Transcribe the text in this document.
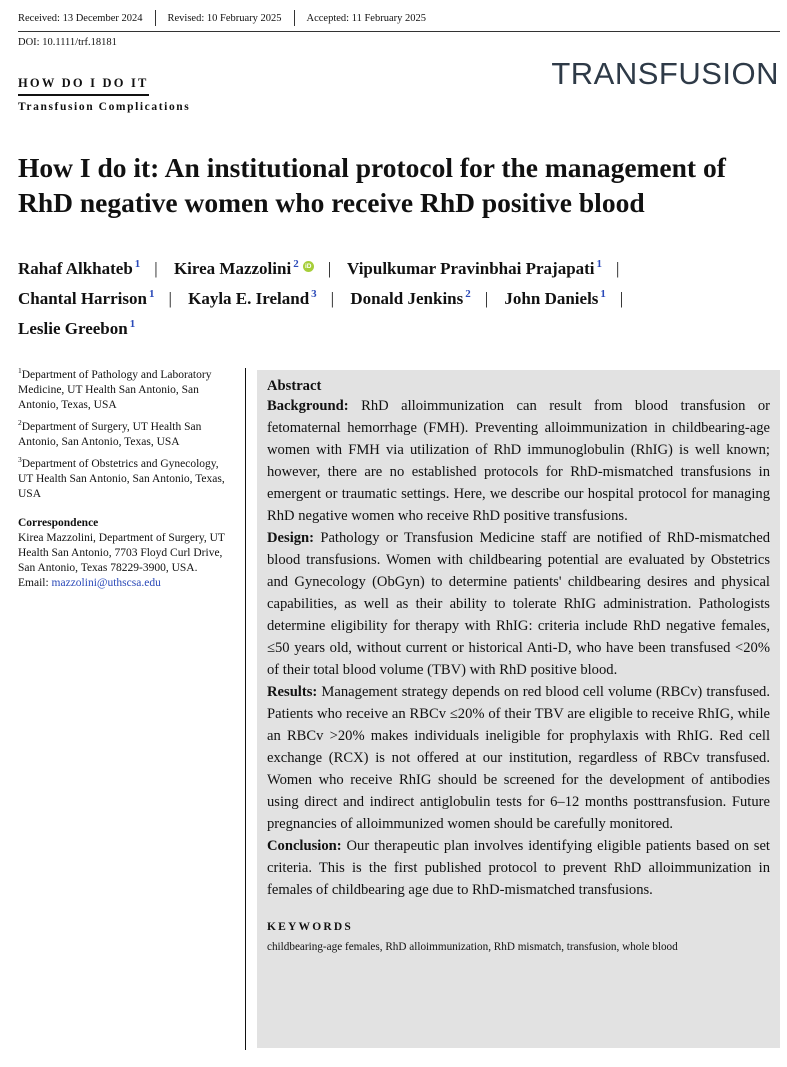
Received: 13 December 2024 Revised: 10 February 2025 Accepted: 11 February 2025
DOI: 10.1111/trf.18181
HOW DO I DO IT
Transfusion Complications
TRANSFUSION
How I do it: An institutional protocol for the management of RhD negative women who receive RhD positive blood
Rahaf Alkhateb $^1$ | Kirea Mazzolini $^2$ iD | Vipulkumar Pravinbhai Prajapati $^1$ |
Chantal Harrison $^1$ | Kayla E. Ireland $^3$ | Donald Jenkins $^2$ | John Daniels $^1$ |
Leslie Greebon $^1$
$^1$Department of Pathology and Laboratory Medicine, UT Health San Antonio, San Antonio, Texas, USA
$^2$Department of Surgery, UT Health San Antonio, San Antonio, Texas, USA
$^3$Department of Obstetrics and Gynecology, UT Health San Antonio, San Antonio, Texas, USA
Correspondence
Kirea Mazzolini, Department of Surgery, UT Health San Antonio, 7703 Floyd Curl Drive, San Antonio, Texas 78229-3900, USA.
Email: mazzolini@uthscsa.edu
Abstract

Background: RhD alloimmunization can result from blood transfusion or fetomaternal hemorrhage (FMH). Preventing alloimmunization in childbearing-age women with FMH via utilization of RhD immunoglobulin (RhIG) is well known; however, there are no established protocols for RhD-mismatched transfusions in emergent or traumatic settings. Here, we describe our hospital protocol for managing RhD negative women who receive RhD positive transfusions.

Design: Pathology or Transfusion Medicine staff are notified of RhD-mismatched blood transfusions. Women with childbearing potential are evaluated by Obstetrics and Gynecology (ObGyn) to determine patients' childbearing desires and physical capabilities, as well as their ability to tolerate RhIG administration. Pathologists determine eligibility for therapy with RhIG: criteria include RhD negative females, ≤50 years old, without current or historical Anti-D, who have been transfused <20% of their total blood volume (TBV) with RhD positive blood.

Results: Management strategy depends on red blood cell volume (RBCv) transfused. Patients who receive an RBCv ≤20% of their TBV are eligible to receive RhIG, while an RBCv >20% makes individuals ineligible for prophylaxis with RhIG. Red cell exchange (RCX) is not offered at our institution, regardless of RBCv transfused. Women who receive RhIG should be screened for the development of antibodies using direct and indirect antiglobulin tests for 6–12 months posttransfusion. Future pregnancies of alloimmunized women should be carefully monitored.

Conclusion: Our therapeutic plan involves identifying eligible patients based on set criteria. This is the first published protocol to prevent RhD alloimmunization in females of childbearing age due to RhD-mismatched transfusions.

KEYWORDS
childbearing-age females, RhD alloimmunization, RhD mismatch, transfusion, whole blood
